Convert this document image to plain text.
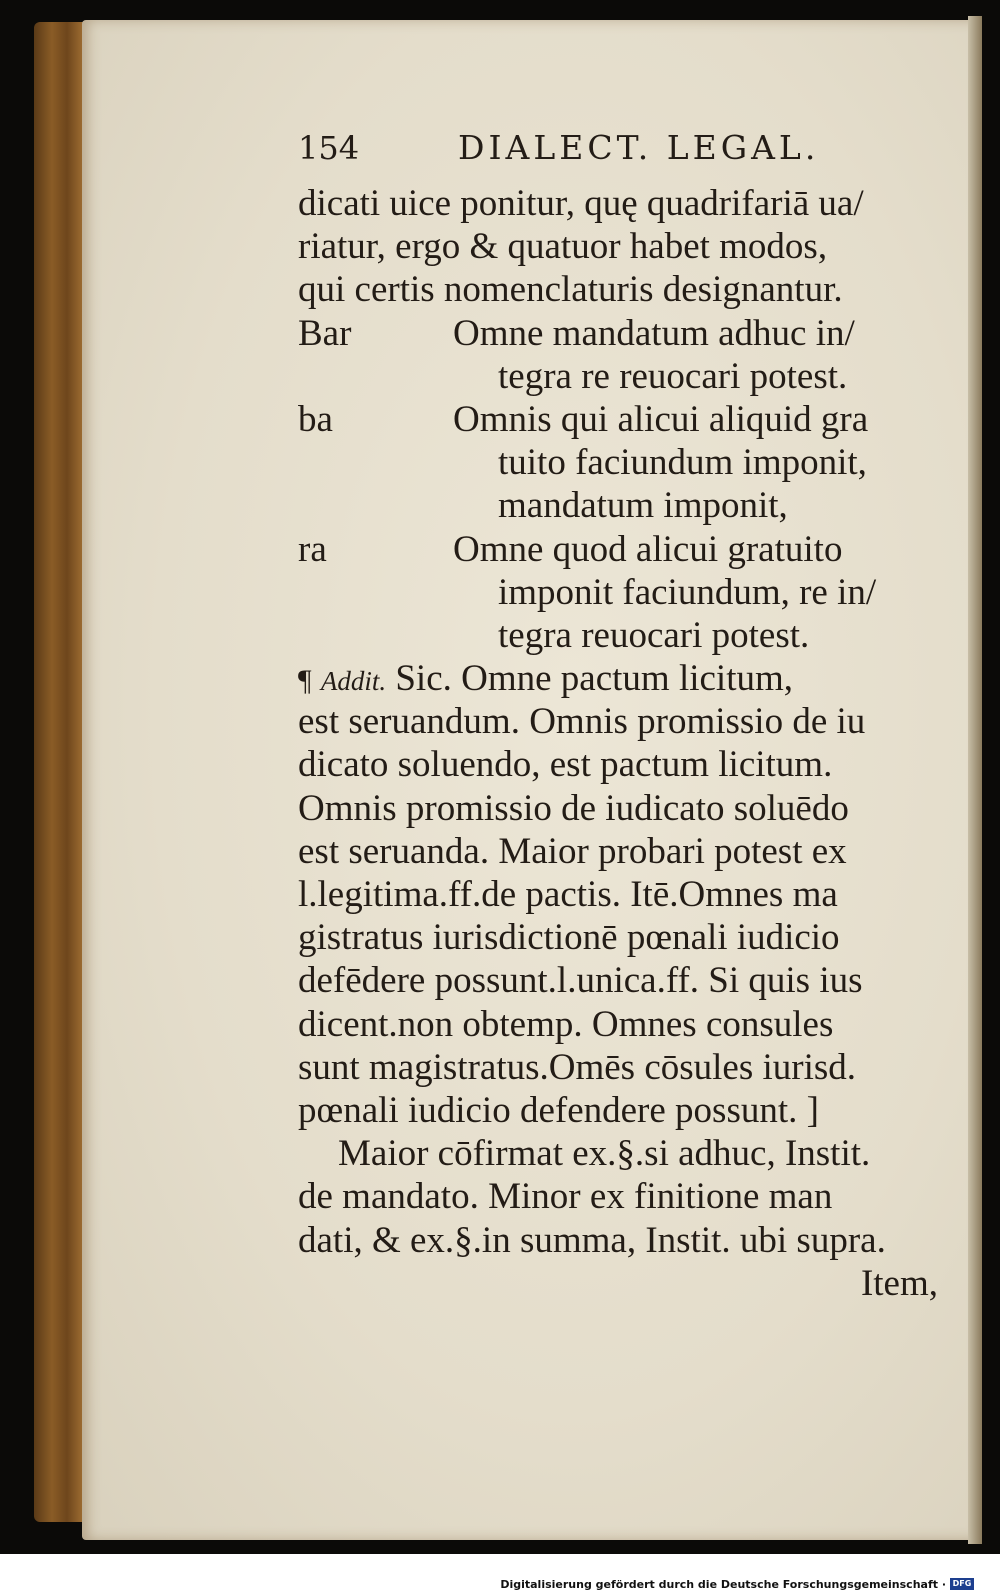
154	DIALECT. LEGAL.
dicati uice ponitur, quę quadrifariā ua/
riatur, ergo & quatuor habet modos,
qui certis nomenclaturis designantur.
Bar	Omne mandatum adhuc in/
tegra re reuocari potest.
ba	Omnis qui alicui aliquid gra
tuito faciundum imponit,
mandatum imponit,
ra	Omne quod alicui gratuito
imponit faciundum, re in/
tegra reuocari potest.
¶ Addit. Sic. Omne pactum licitum,
est seruandum. Omnis promissio de iu
dicato soluendo, est pactum licitum.
Omnis promissio de iudicato soluēdo
est seruanda. Maior probari potest ex
l.legitima.ff.de pactis. Itē.Omnes ma
gistratus iurisdictionē pœnali iudicio
defēdere possunt.l.unica.ff. Si quis ius
dicent.non obtemp. Omnes consules
sunt magistratus.Omēs cōsules iurisd.
pœnali iudicio defendere possunt. ]
Maior cōfirmat ex.§.si adhuc, Instit.
de mandato. Minor ex finitione man
dati, & ex.§.in summa, Instit. ubi supra.
Item,
Digitalisierung gefördert durch die Deutsche Forschungsgemeinschaft · DFG
